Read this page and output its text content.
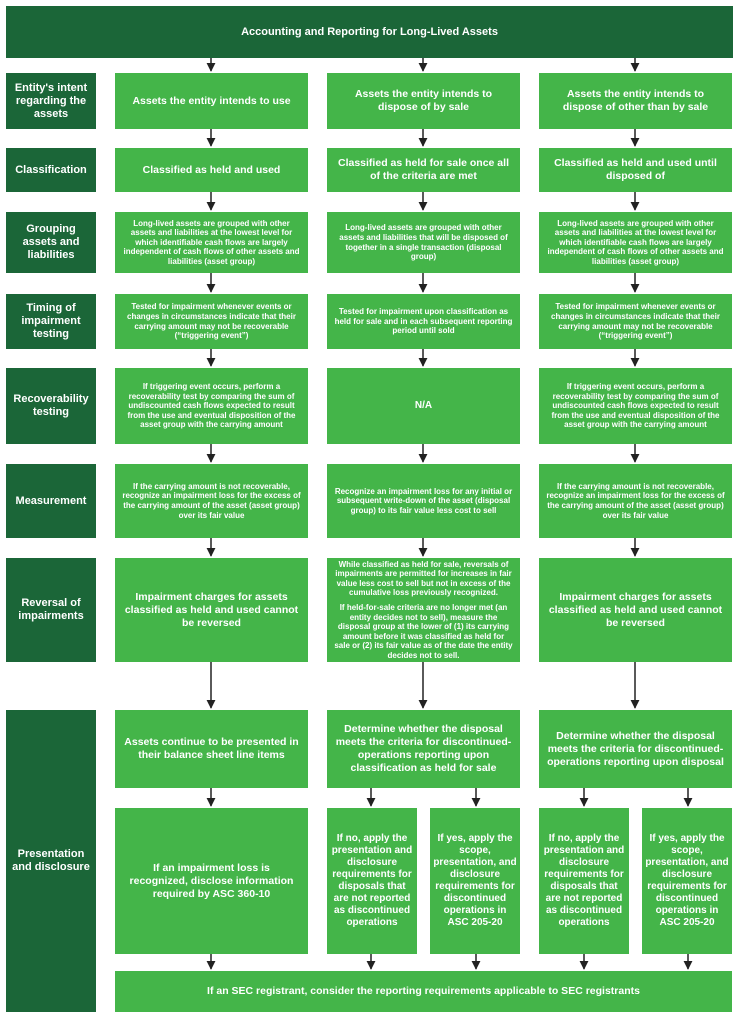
Accounting and Reporting for Long-Lived Assets
Entity's intent regarding the assets
Assets the entity intends to use
Assets the entity intends to dispose of by sale
Assets the entity intends to dispose of other than by sale
Classification	Classified as held and used
Classified as held for sale once all of the criteria are met
Classified as held and used until disposed of
Grouping assets and liabilities
Long-lived assets are grouped with other assets and liabilities at the lowest level for which identifiable cash flows are largely independent of cash flows of other assets and liabilities (asset group)
Long-lived assets are grouped with other assets and liabilities that will be disposed of together in a single transaction (disposal group)
Long-lived assets are grouped with other assets and liabilities at the lowest level for which identifiable cash flows are largely independent of cash flows of other assets and liabilities (asset group)
Timing of impairment testing
Tested for impairment whenever events or changes in circumstances indicate that their carrying amount may not be recoverable (“triggering event”)
Tested for impairment upon classification as held for sale and in each subsequent reporting period until sold
Tested for impairment whenever events or changes in circumstances indicate that their carrying amount may not be recoverable (“triggering event”)
Recoverability testing
If triggering event occurs, perform a recoverability test by comparing the sum of undiscounted cash flows expected to result from the use and eventual disposition of the asset group with the carrying amount
N/A
If triggering event occurs, perform a recoverability test by comparing the sum of undiscounted cash flows expected to result from the use and eventual disposition of the asset group with the carrying amount
Measurement
If the carrying amount is not recoverable, recognize an impairment loss for the excess of the carrying amount of the asset (asset group) over its fair value
Recognize an impairment loss for any initial or subsequent write-down of the asset (disposal group) to its fair value less cost to sell
If the carrying amount is not recoverable, recognize an impairment loss for the excess of the carrying amount of the asset (asset group) over its fair value
Reversal of impairments
Impairment charges for assets classified as held and used cannot be reversed

While classified as held for sale, reversals of impairments are permitted for increases in fair value less cost to sell but not in excess of the cumulative loss previously recognized.

If held-for-sale criteria are no longer met (an entity decides not to sell), measure the disposal group at the lower of (1) its carrying amount before it was classified as held for sale or (2) its fair value as of the date the entity decides not to sell.

Impairment charges for assets classified as held and used cannot be reversed
Presentation and disclosure
Assets continue to be presented in their balance sheet line items
Determine whether the disposal meets the criteria for discontinued-operations reporting upon classification as held for sale
Determine whether the disposal meets the criteria for discontinued-operations reporting upon disposal
If an impairment loss is recognized, disclose information required by ASC 360-10
If no, apply the presentation and disclosure requirements for disposals that are not reported as discontinued operations
If yes, apply the scope, presentation, and disclosure requirements for discontinued operations in ASC 205-20
If no, apply the presentation and disclosure requirements for disposals that are not reported as discontinued operations
If yes, apply the scope, presentation, and disclosure requirements for discontinued operations in ASC 205-20
If an SEC registrant, consider the reporting requirements applicable to SEC registrants
